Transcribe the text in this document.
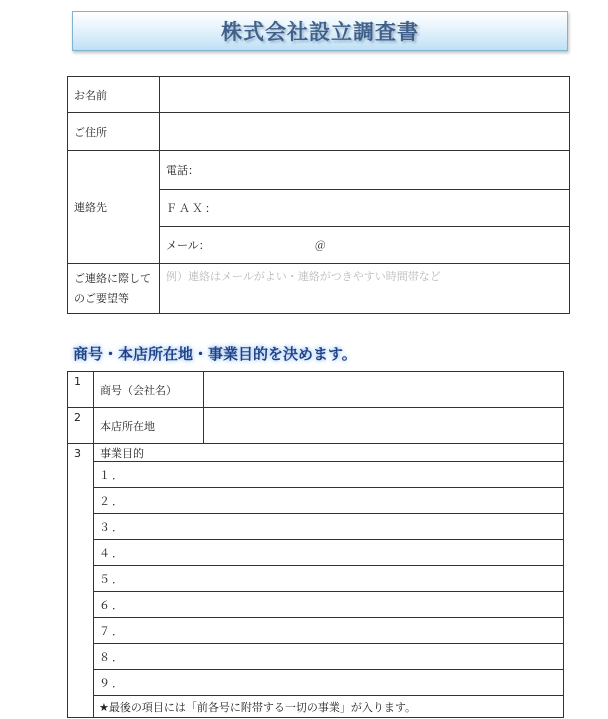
株式会社設立調査書
お名前	
ご住所	
連絡先	電話：
	ＦＡＸ：
	メール： ＠

ご連絡に際して
のご要望等	例）連絡はメールがよい・連絡がつきやすい時間帯など
商号・本店所在地・事業目的を決めます。
1	商号（会社名）	
2	本店所在地	
3	事業目的	
	１．	
	２．	
	３．	
	４．	
	５．	
	６．	
	７．	
	８．	
	９．	
	★最後の項目には「前各号に附帯する一切の事業」が入ります。	
